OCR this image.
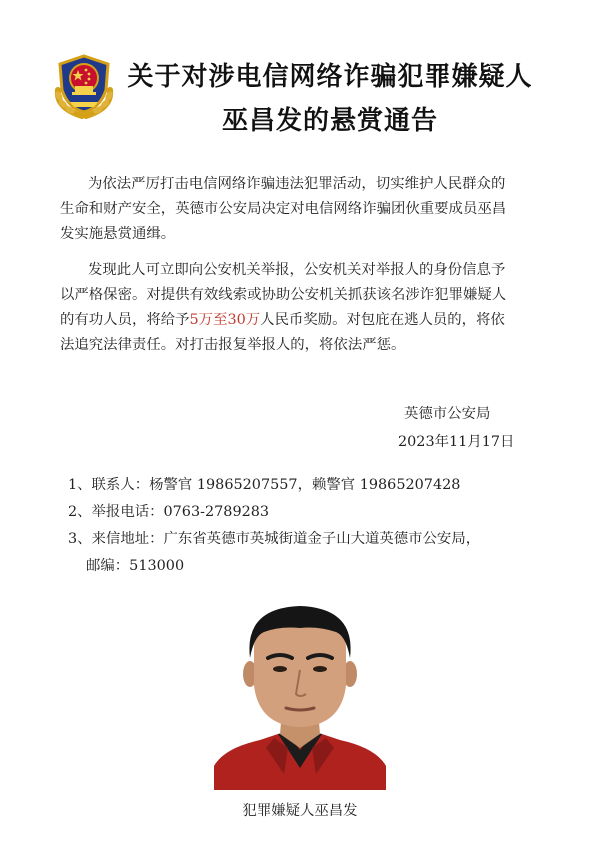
关于对涉电信网络诈骗犯罪嫌疑人
巫昌发的悬赏通告
为依法严厉打击电信网络诈骗违法犯罪活动，切实维护人民群众的
生命和财产安全，英德市公安局决定对电信网络诈骗团伙重要成员巫昌
发实施悬赏通缉。
发现此人可立即向公安机关举报，公安机关对举报人的身份信息予
以严格保密。对提供有效线索或协助公安机关抓获该名涉诈犯罪嫌疑人
的有功人员，将给予5万至30万人民币奖励。对包庇在逃人员的，将依
法追究法律责任。对打击报复举报人的，将依法严惩。
英德市公安局
2023年11月17日
1、联系人：杨警官 19865207557，赖警官 19865207428
2、举报电话：0763-2789283
3、来信地址：广东省英德市英城街道金子山大道英德市公安局，
邮编：513000
犯罪嫌疑人巫昌发
